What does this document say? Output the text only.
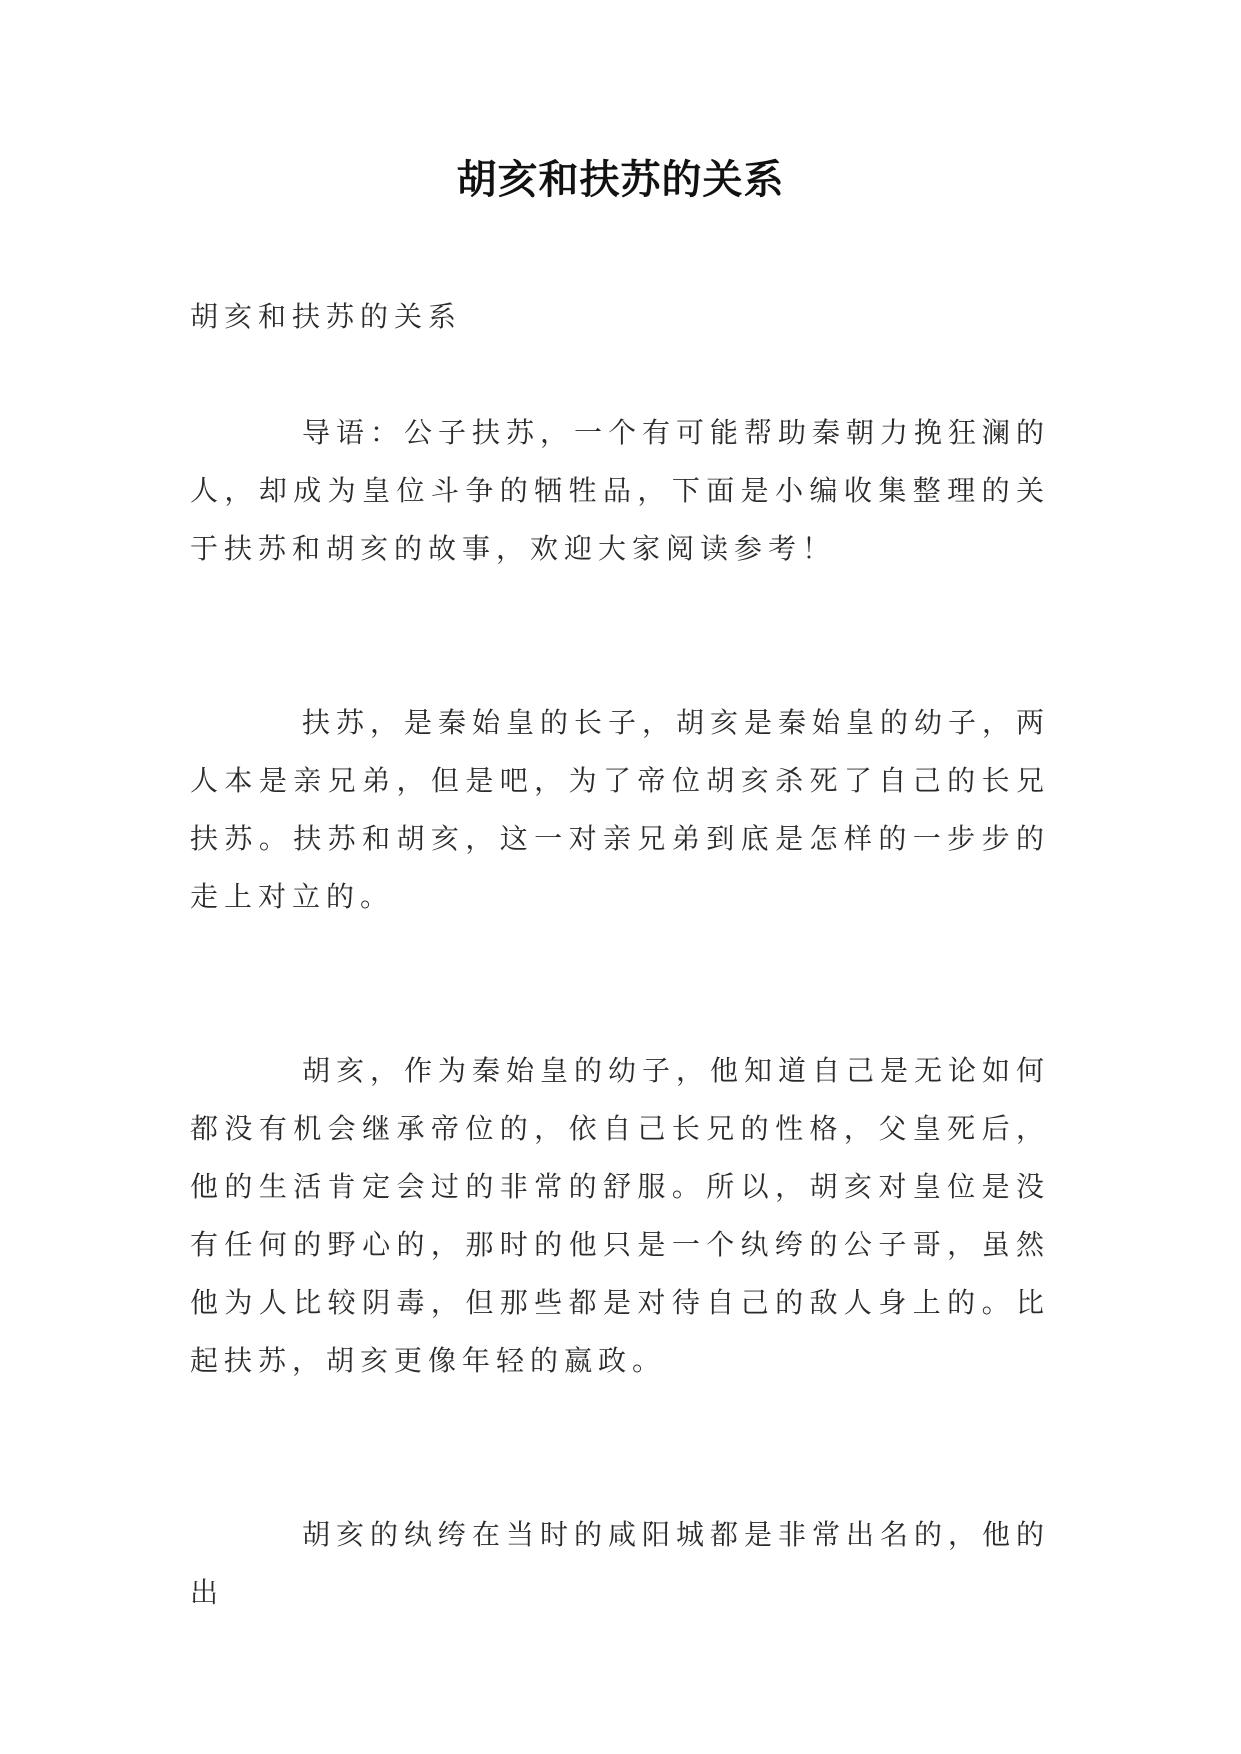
胡亥和扶苏的关系

胡亥和扶苏的关系

导语：公子扶苏，一个有可能帮助秦朝力挽狂澜的人，却成为皇位斗争的牺牲品，下面是小编收集整理的关于扶苏和胡亥的故事，欢迎大家阅读参考！

扶苏，是秦始皇的长子，胡亥是秦始皇的幼子，两人本是亲兄弟，但是吧，为了帝位胡亥杀死了自己的长兄扶苏。扶苏和胡亥，这一对亲兄弟到底是怎样的一步步的走上对立的。

胡亥，作为秦始皇的幼子，他知道自己是无论如何都没有机会继承帝位的，依自己长兄的性格，父皇死后，他的生活肯定会过的非常的舒服。所以，胡亥对皇位是没有任何的野心的，那时的他只是一个纨绔的公子哥，虽然他为人比较阴毒，但那些都是对待自己的敌人身上的。比起扶苏，胡亥更像年轻的嬴政。

胡亥的纨绔在当时的咸阳城都是非常出名的，他的出
